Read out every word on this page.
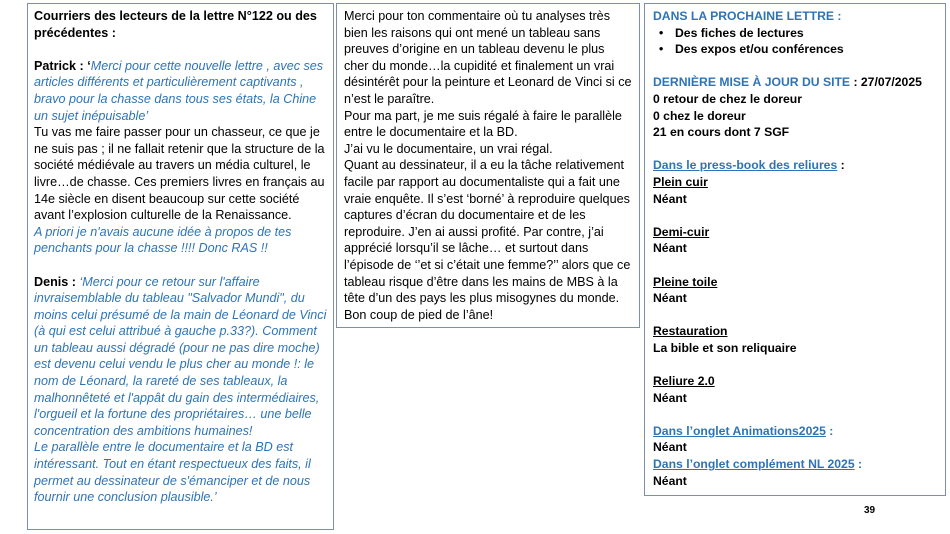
Courriers des lecteurs de la lettre N°122 ou des précédentes :

Patrick : ‘Merci pour cette nouvelle lettre , avec ses articles différents et particulièrement captivants , bravo pour la chasse dans tous ses états, la Chine un sujet inépuisable’

Tu vas me faire passer pour un chasseur, ce que je ne suis pas ; il ne fallait retenir que la structure de la société médiévale au travers un média culturel, le livre…de chasse. Ces premiers livres en français au 14e siècle en disent beaucoup sur cette société avant l’explosion culturelle de la Renaissance.

A priori je n'avais aucune idée à propos de tes penchants pour la chasse !!!! Donc RAS !!

Denis : ‘Merci pour ce retour sur l'affaire invraisemblable du tableau "Salvador Mundi", du moins celui présumé de la main de Léonard de Vinci (à qui est celui attribué à gauche p.33?). Comment un tableau aussi dégradé (pour ne pas dire moche) est devenu celui vendu le plus cher au monde !: le nom de Léonard, la rareté de ses tableaux, la malhonnêteté et l'appât du gain des intermédiaires, l'orgueil et la fortune des propriétaires… une belle concentration des ambitions humaines!

Le parallèle entre le documentaire et la BD est intéressant. Tout en étant respectueux des faits, il permet au dessinateur de s'émanciper et de nous fournir une conclusion plausible.’

Merci pour ton commentaire où tu analyses très bien les raisons qui ont mené un tableau sans preuves d’origine en un tableau devenu le plus cher du monde…la cupidité et finalement un vrai désintérêt pour la peinture et Leonard de Vinci si ce n’est le paraître.

Pour ma part, je me suis régalé à faire le parallèle entre le documentaire et la BD.

J’ai vu le documentaire, un vrai régal.

Quant au dessinateur, il a eu la tâche relativement facile par rapport au documentaliste qui a fait une vraie enquête. Il s’est ‘borné’ à reproduire quelques captures d’écran du documentaire et de les reproduire. J’en ai aussi profité. Par contre, j’ai apprécié lorsqu’il se lâche… et surtout dans l’épisode de ‘’et si c’était une femme?’’ alors que ce tableau risque d’être dans les mains de MBS à la tête d’un des pays les plus misogynes du monde. Bon coup de pied de l’âne!

DANS LA PROCHAINE LETTRE :

• Des fiches de lectures
• Des expos et/ou conférences

DERNIÈRE MISE À JOUR DU SITE : 27/07/2025

0 retour de chez le doreur

0 chez le doreur

21 en cours dont 7 SGF

Dans le press-book des reliures :

Plein cuir

Néant

Demi-cuir

Néant

Pleine toile

Néant

Restauration

La bible et son reliquaire

Reliure 2.0

Néant

Dans l’onglet Animations2025 :

Néant

Dans l’onglet complément NL 2025 :

Néant

39
